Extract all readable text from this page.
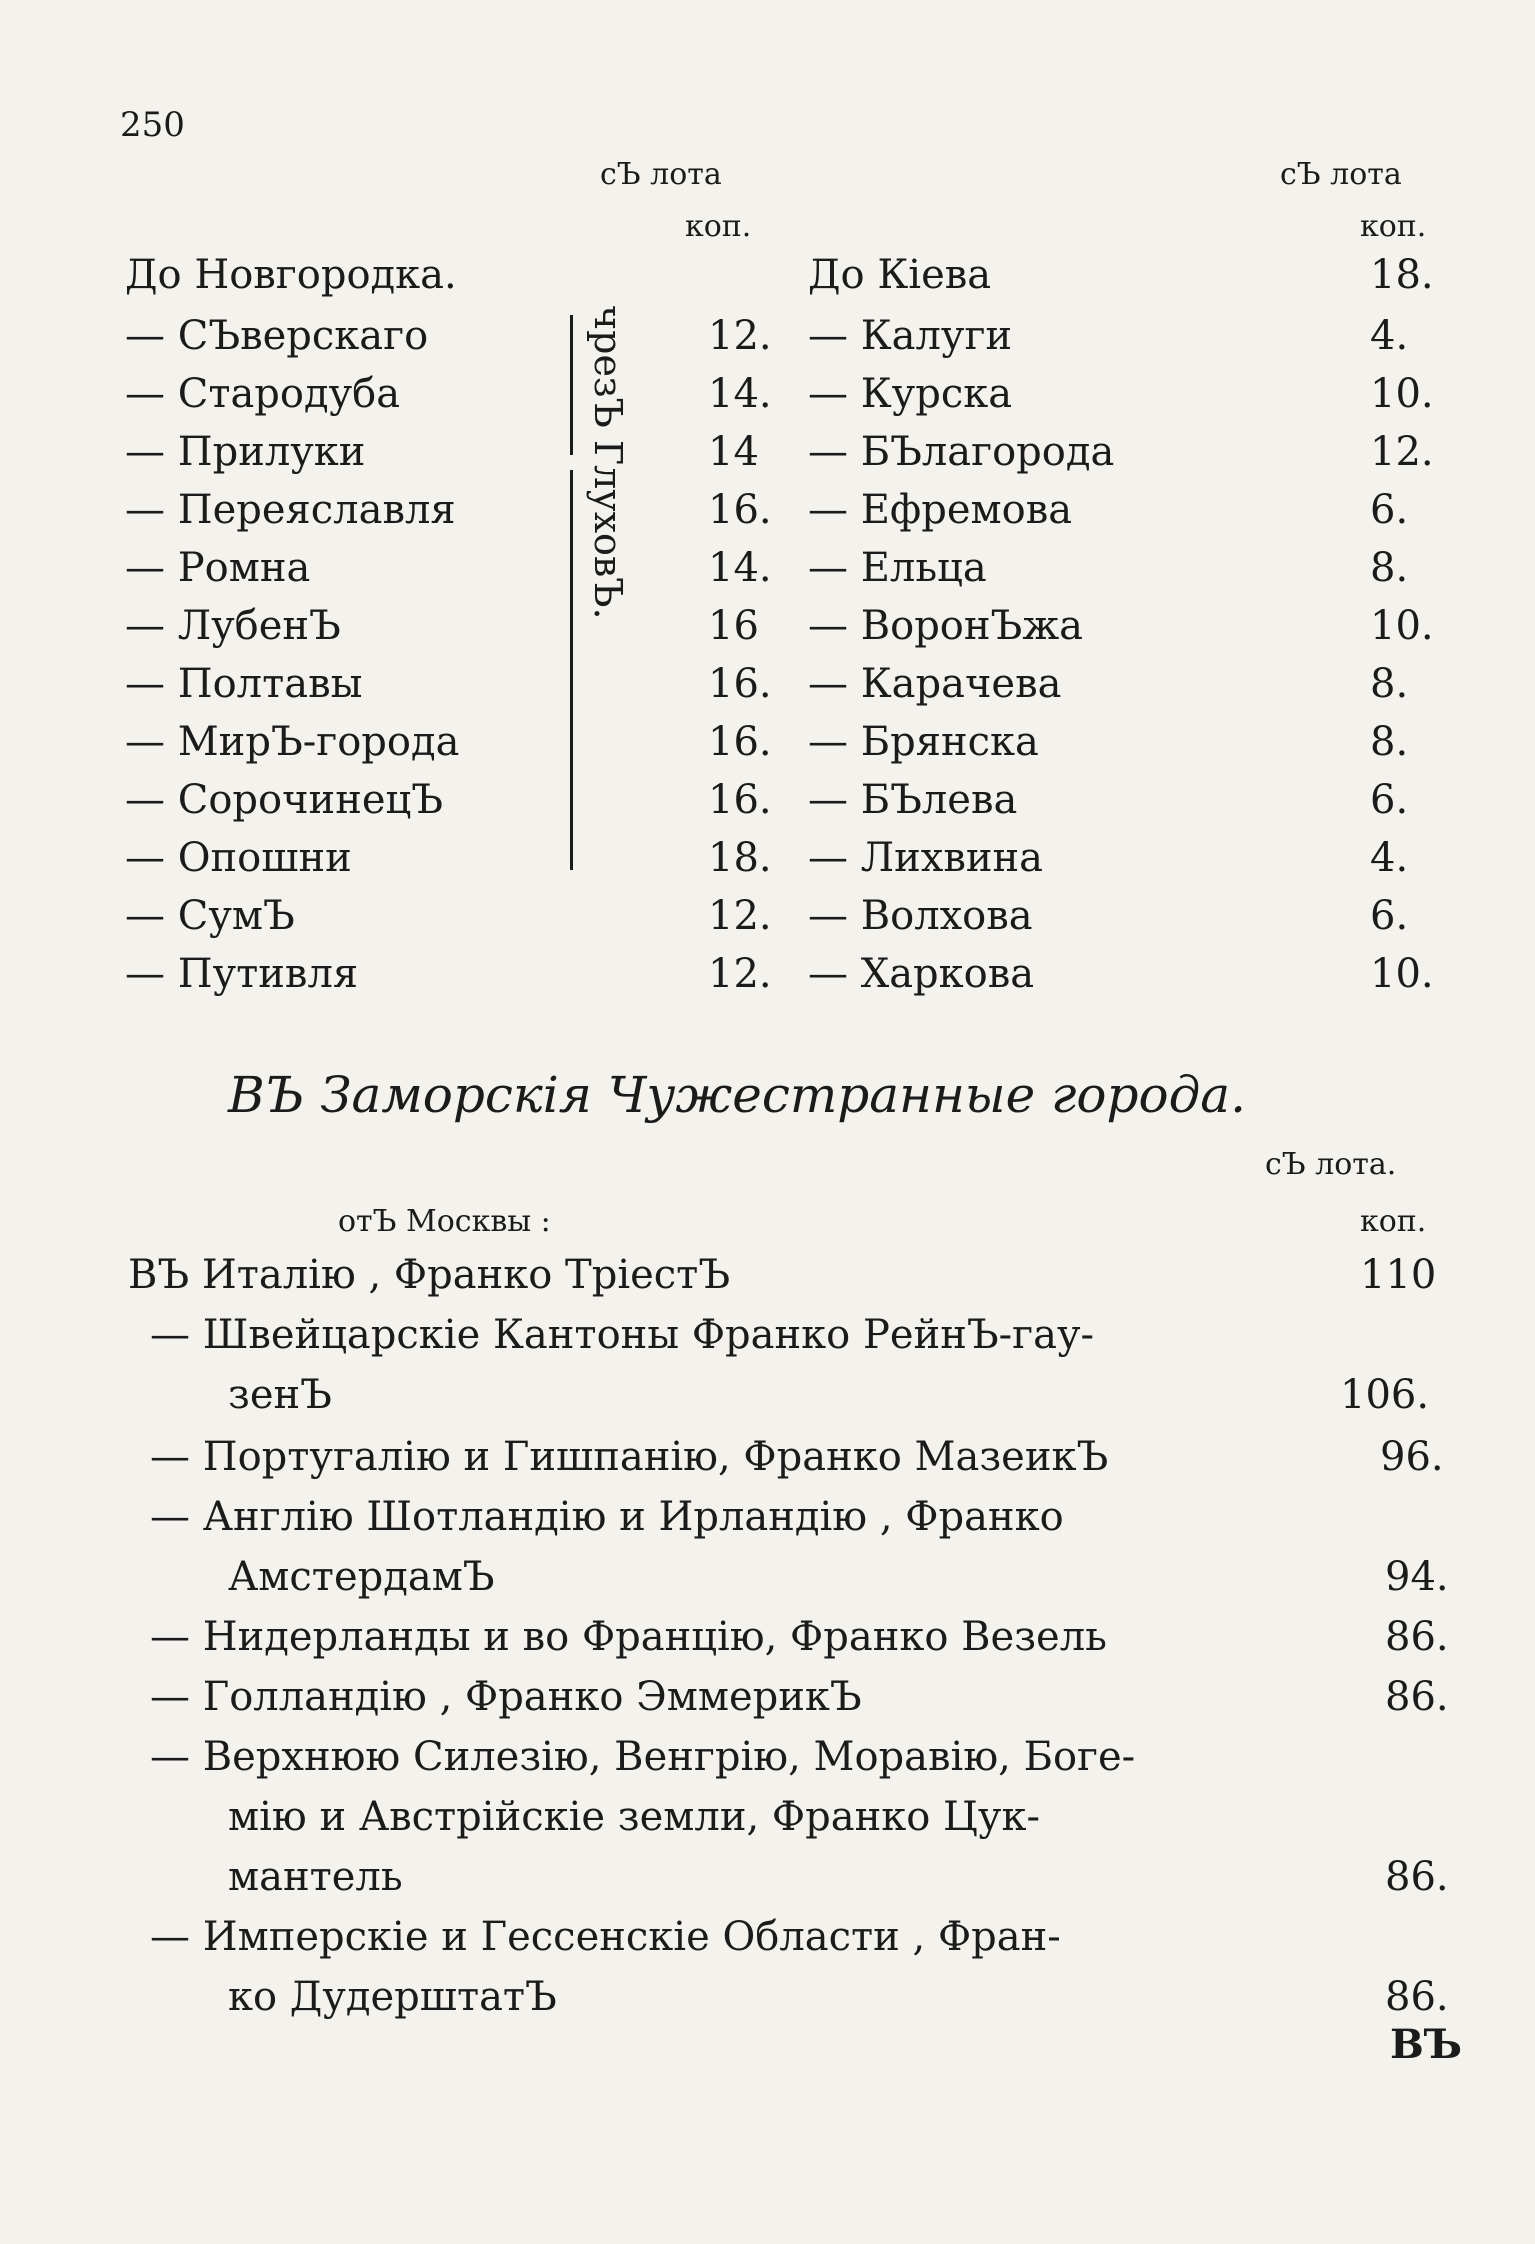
250
сЪ лота
коп.
сЪ лота
коп.
До Новгородка.
чрезЪ ГлуховЪ.
— СЪверскаго	12.
— Стародуба	14.
— Прилуки	14
— Переяславля	16.
— Ромна	14.
— ЛубенЪ	16
— Полтавы	16.
— МирЪ-города	16.
— СорочинецЪ	16.
— Опошни	18.
— СумЪ	12.
— Путивля	12.
До Кiева	18.
— Калуги	4.
— Курска	10.
— БЪлагорода	12.
— Ефремова	6.
— Ельца	8.
— ВоронЪжа	10.
— Карачева	8.
— Брянска	8.
— БЪлева	6.
— Лихвина	4.
— Волхова	6.
— Харкова	10.
ВЪ Заморскiя Чужестранные города.
сЪ лота.
коп.
отЪ Москвы :
ВЪ Италiю , Франко ТрiестЪ	110
— Швейцарскiе Кантоны Франко РейнЪ-гау-
зенЪ	106.
— Португалiю и Гишпанiю, Франко МазеикЪ	96.
— Англiю Шотландiю и Ирландiю , Франко
АмстердамЪ	94.
— Нидерланды и во Францiю, Франко Везель	86.
— Голландiю , Франко ЭммерикЪ	86.
— Верхнюю Силезiю, Венгрiю, Моравiю, Боге-
мiю и Австрiйскiе земли, Франко Цук-
мантель	86.
— Имперскiе и Гессенскiе Области , Фран-
ко ДудерштатЪ	86.
ВЪ
